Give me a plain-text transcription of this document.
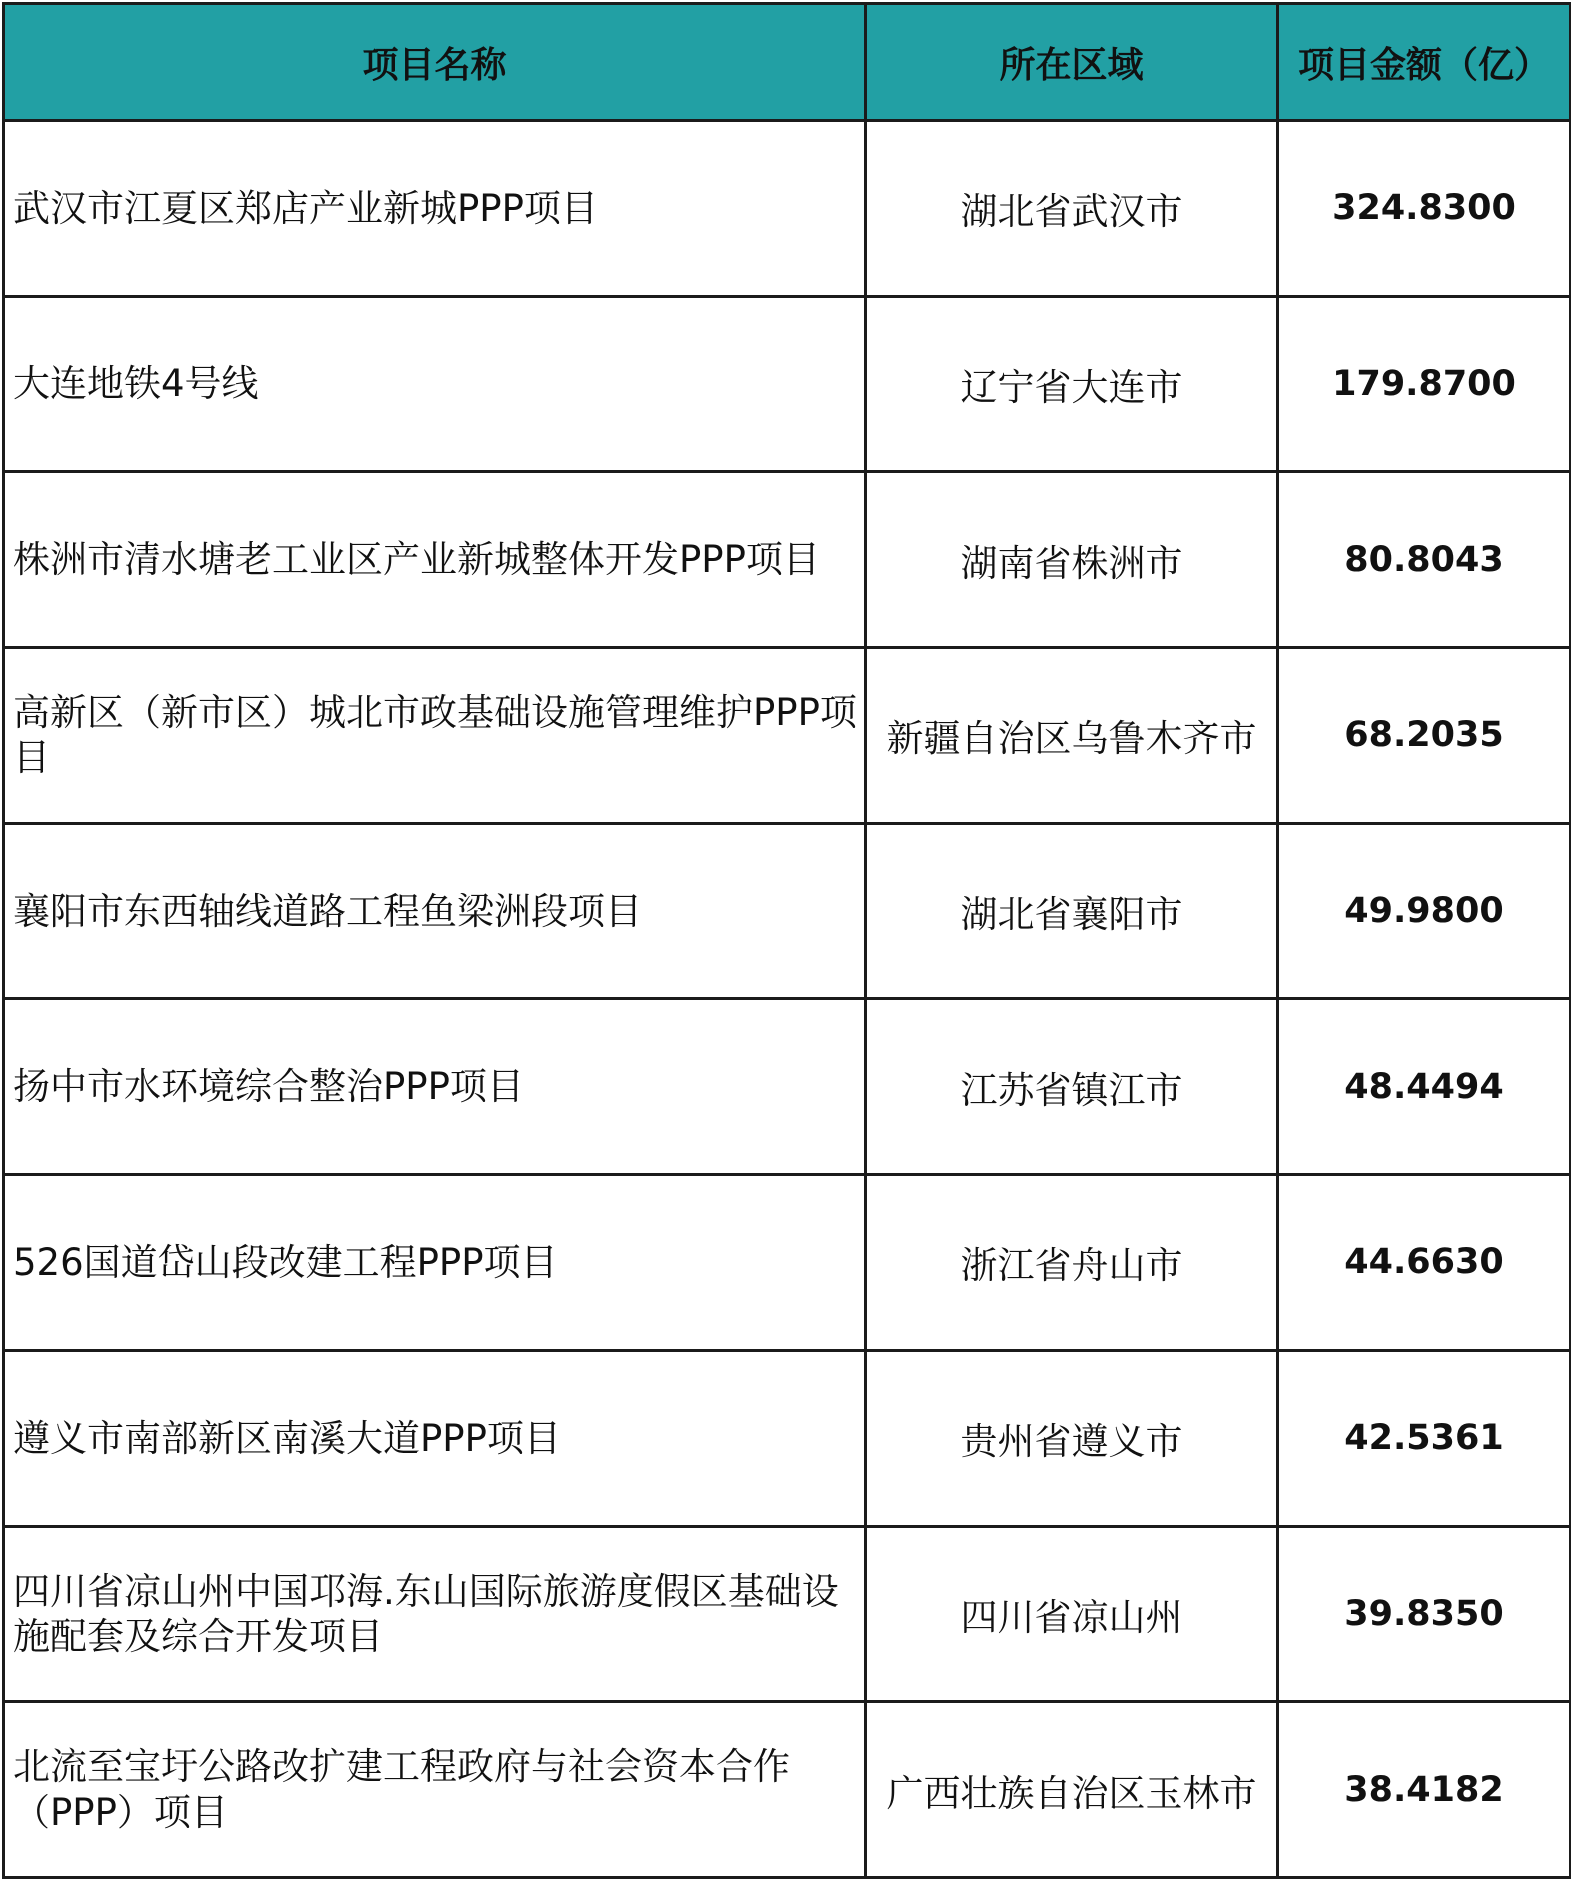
项目名称	所在区域	项目金额（亿）
武汉市江夏区郑店产业新城PPP项目	湖北省武汉市	324.8300
大连地铁4号线	辽宁省大连市	179.8700
株洲市清水塘老工业区产业新城整体开发PPP项目	湖南省株洲市	80.8043
高新区（新市区）城北市政基础设施管理维护PPP项目	新疆自治区乌鲁木齐市	68.2035
襄阳市东西轴线道路工程鱼梁洲段项目	湖北省襄阳市	49.9800
扬中市水环境综合整治PPP项目	江苏省镇江市	48.4494
526国道岱山段改建工程PPP项目	浙江省舟山市	44.6630
遵义市南部新区南溪大道PPP项目	贵州省遵义市	42.5361
四川省凉山州中国邛海.东山国际旅游度假区基础设施配套及综合开发项目	四川省凉山州	39.8350
北流至宝圩公路改扩建工程政府与社会资本合作（PPP）项目	广西壮族自治区玉林市	38.4182
